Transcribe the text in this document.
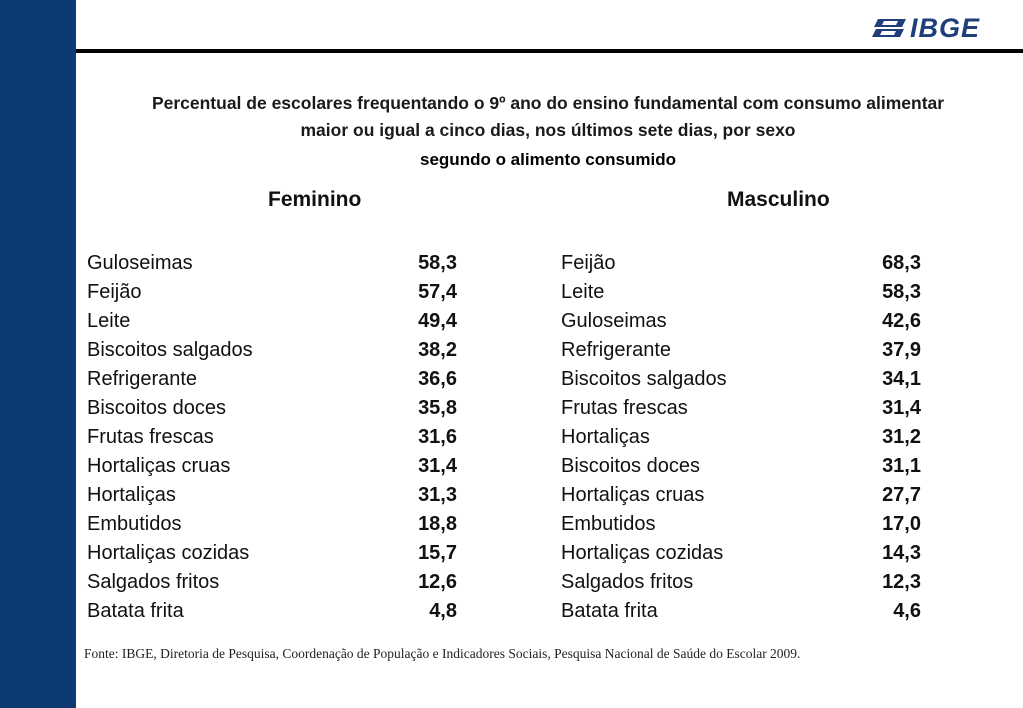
IBGE
Percentual de escolares frequentando o 9º ano do ensino fundamental com consumo alimentar
maior ou igual a cinco dias, nos últimos sete dias, por sexo
segundo o alimento consumido
Feminino	Masculino
Guloseimas	58,3
Feijão	57,4
Leite	49,4
Biscoitos salgados	38,2
Refrigerante	36,6
Biscoitos doces	35,8
Frutas frescas	31,6
Hortaliças cruas	31,4
Hortaliças	31,3
Embutidos	18,8
Hortaliças cozidas	15,7
Salgados fritos	12,6
Batata frita	4,8
Feijão	68,3
Leite	58,3
Guloseimas	42,6
Refrigerante	37,9
Biscoitos salgados	34,1
Frutas frescas	31,4
Hortaliças	31,2
Biscoitos doces	31,1
Hortaliças cruas	27,7
Embutidos	17,0
Hortaliças cozidas	14,3
Salgados fritos	12,3
Batata frita	4,6
Fonte: IBGE, Diretoria de Pesquisa, Coordenação de População e Indicadores Sociais, Pesquisa Nacional de Saúde do Escolar 2009.
